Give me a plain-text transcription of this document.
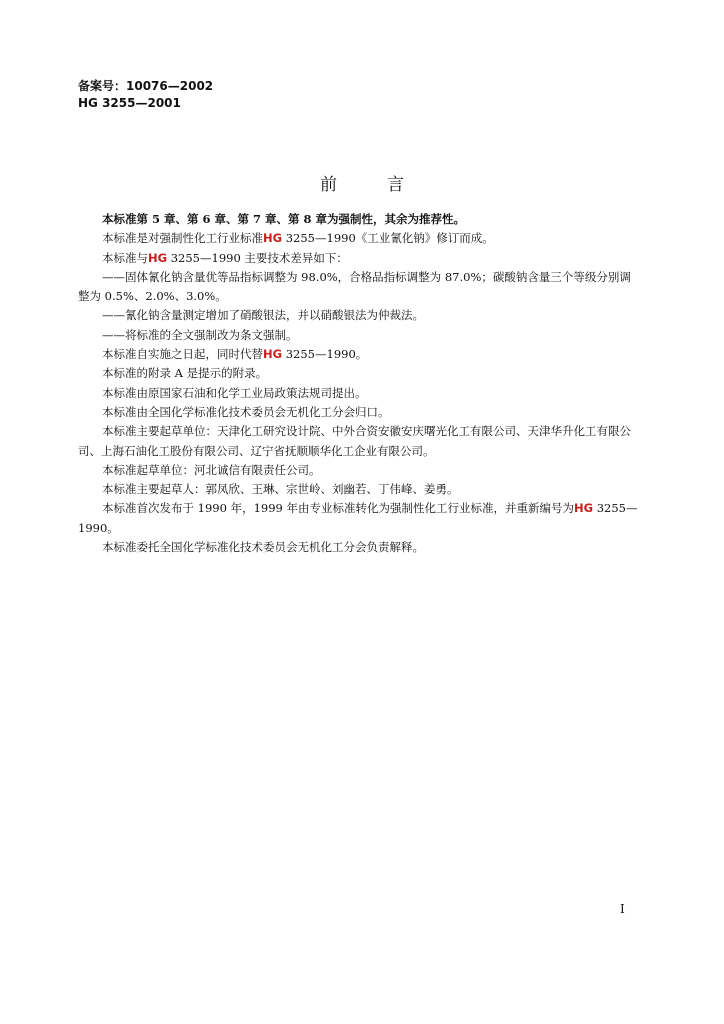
备案号：10076—2002
HG 3255—2001
前言

本标准第 5 章、第 6 章、第 7 章、第 8 章为强制性，其余为推荐性。

本标准是对强制性化工行业标准HG 3255—1990《工业氰化钠》修订而成。

本标准与HG 3255—1990 主要技术差异如下：

——固体氰化钠含量优等品指标调整为 98.0%，合格品指标调整为 87.0%；碳酸钠含量三个等级分别调整为 0.5%、2.0%、3.0%。

——氰化钠含量测定增加了硝酸银法，并以硝酸银法为仲裁法。

——将标准的全文强制改为条文强制。

本标准自实施之日起，同时代替HG 3255—1990。

本标准的附录 A 是提示的附录。

本标准由原国家石油和化学工业局政策法规司提出。

本标准由全国化学标准化技术委员会无机化工分会归口。

本标准主要起草单位：天津化工研究设计院、中外合资安徽安庆曙光化工有限公司、天津华升化工有限公司、上海石油化工股份有限公司、辽宁省抚顺顺华化工企业有限公司。

本标准起草单位：河北诚信有限责任公司。

本标准主要起草人：郭凤欣、王琳、宗世岭、刘幽若、丁伟峰、姜勇。

本标准首次发布于 1990 年，1999 年由专业标准转化为强制性化工行业标准，并重新编号为HG 3255—1990。

本标准委托全国化学标准化技术委员会无机化工分会负责解释。

I
